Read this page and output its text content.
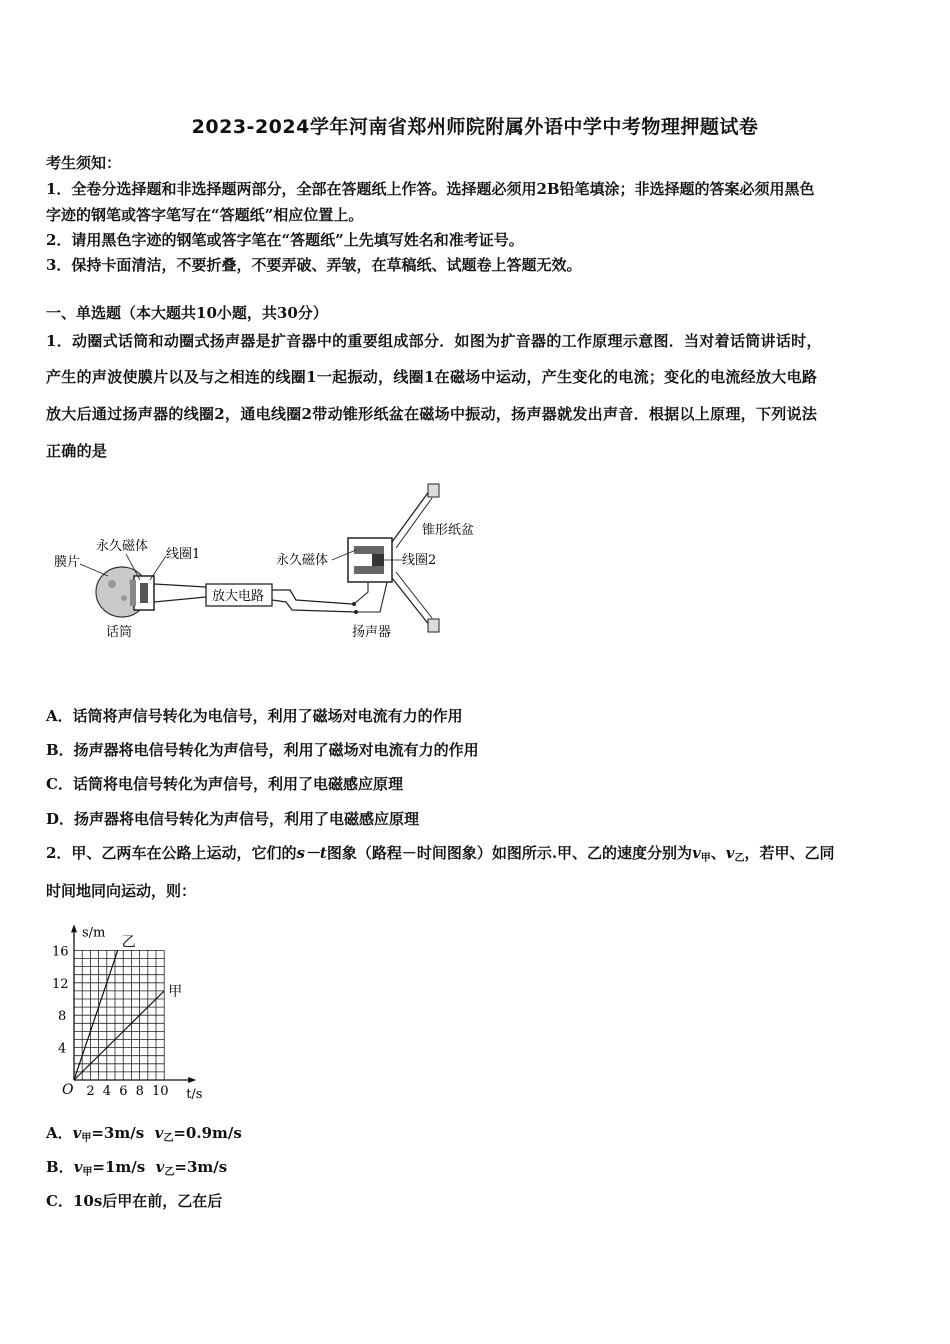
2023-2024学年河南省郑州师院附属外语中学中考物理押题试卷
考生须知：
1．全卷分选择题和非选择题两部分，全部在答题纸上作答。选择题必须用2B铅笔填涂；非选择题的答案必须用黑色
字迹的钢笔或答字笔写在“答题纸”相应位置上。
2．请用黑色字迹的钢笔或答字笔在“答题纸”上先填写姓名和准考证号。
3．保持卡面清洁，不要折叠，不要弄破、弄皱，在草稿纸、试题卷上答题无效。
一、单选题（本大题共10小题，共30分）
1．动圈式话筒和动圈式扬声器是扩音器中的重要组成部分．如图为扩音器的工作原理示意图．当对着话筒讲话时，
产生的声波使膜片以及与之相连的线圈1一起振动，线圈1在磁场中运动，产生变化的电流；变化的电流经放大电路
放大后通过扬声器的线圈2，通电线圈2带动锥形纸盆在磁场中振动，扬声器就发出声音．根据以上原理，下列说法
正确的是
放大电路
膜片
永久磁体
线圈1
话筒
永久磁体	线圈2
锥形纸盆
扬声器
A．话筒将声信号转化为电信号，利用了磁场对电流有力的作用
B．扬声器将电信号转化为声信号，利用了磁场对电流有力的作用
C．话筒将电信号转化为声信号，利用了电磁感应原理
D．扬声器将电信号转化为声信号，利用了电磁感应原理
2．甲、乙两车在公路上运动，它们的s－t图象（路程－时间图象）如图所示.甲、乙的速度分别为$v_甲$、$v_乙$，若甲、乙同
时间地同向运动，则：
2 4 6 8 10
4
8
12
16
O	t/s
s/m
乙
甲
A．$v_甲=3m/s$ $v_乙=0.9m/s$
B．$v_甲=1m/s$ $v_乙=3m/s$
C．10s后甲在前，乙在后
